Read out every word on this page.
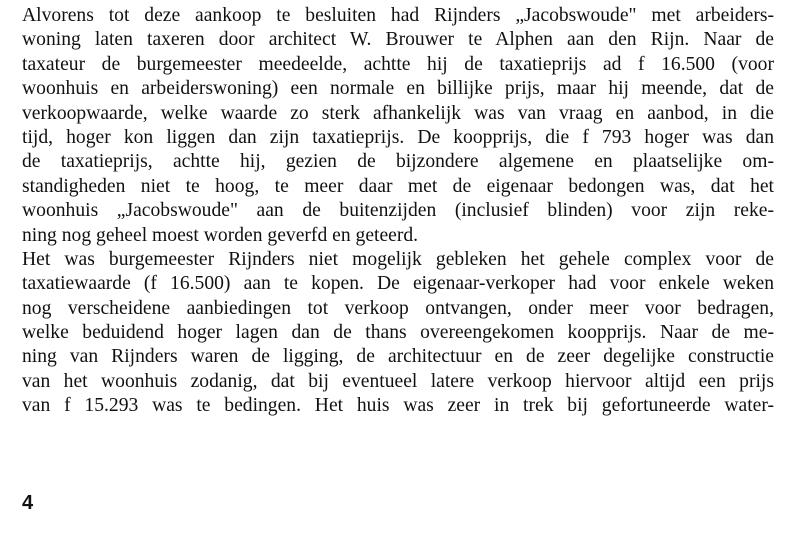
Alvorens tot deze aankoop te besluiten had Rijnders „Jacobswoude" met arbeiders-
woning laten taxeren door architect W. Brouwer te Alphen aan den Rijn. Naar de
taxateur de burgemeester meedeelde, achtte hij de taxatieprijs ad f 16.500 (voor
woonhuis en arbeiderswoning) een normale en billijke prijs, maar hij meende, dat de
verkoopwaarde, welke waarde zo sterk afhankelijk was van vraag en aanbod, in die
tijd, hoger kon liggen dan zijn taxatieprijs. De koopprijs, die f 793 hoger was dan
de taxatieprijs, achtte hij, gezien de bijzondere algemene en plaatselijke om-
standigheden niet te hoog, te meer daar met de eigenaar bedongen was, dat het
woonhuis „Jacobswoude" aan de buitenzijden (inclusief blinden) voor zijn reke-
ning nog geheel moest worden geverfd en geteerd.
Het was burgemeester Rijnders niet mogelijk gebleken het gehele complex voor de
taxatiewaarde (f 16.500) aan te kopen. De eigenaar-verkoper had voor enkele weken
nog verscheidene aanbiedingen tot verkoop ontvangen, onder meer voor bedragen,
welke beduidend hoger lagen dan de thans overeengekomen koopprijs. Naar de me-
ning van Rijnders waren de ligging, de architectuur en de zeer degelijke constructie
van het woonhuis zodanig, dat bij eventueel latere verkoop hiervoor altijd een prijs
van f 15.293 was te bedingen. Het huis was zeer in trek bij gefortuneerde water-
4
